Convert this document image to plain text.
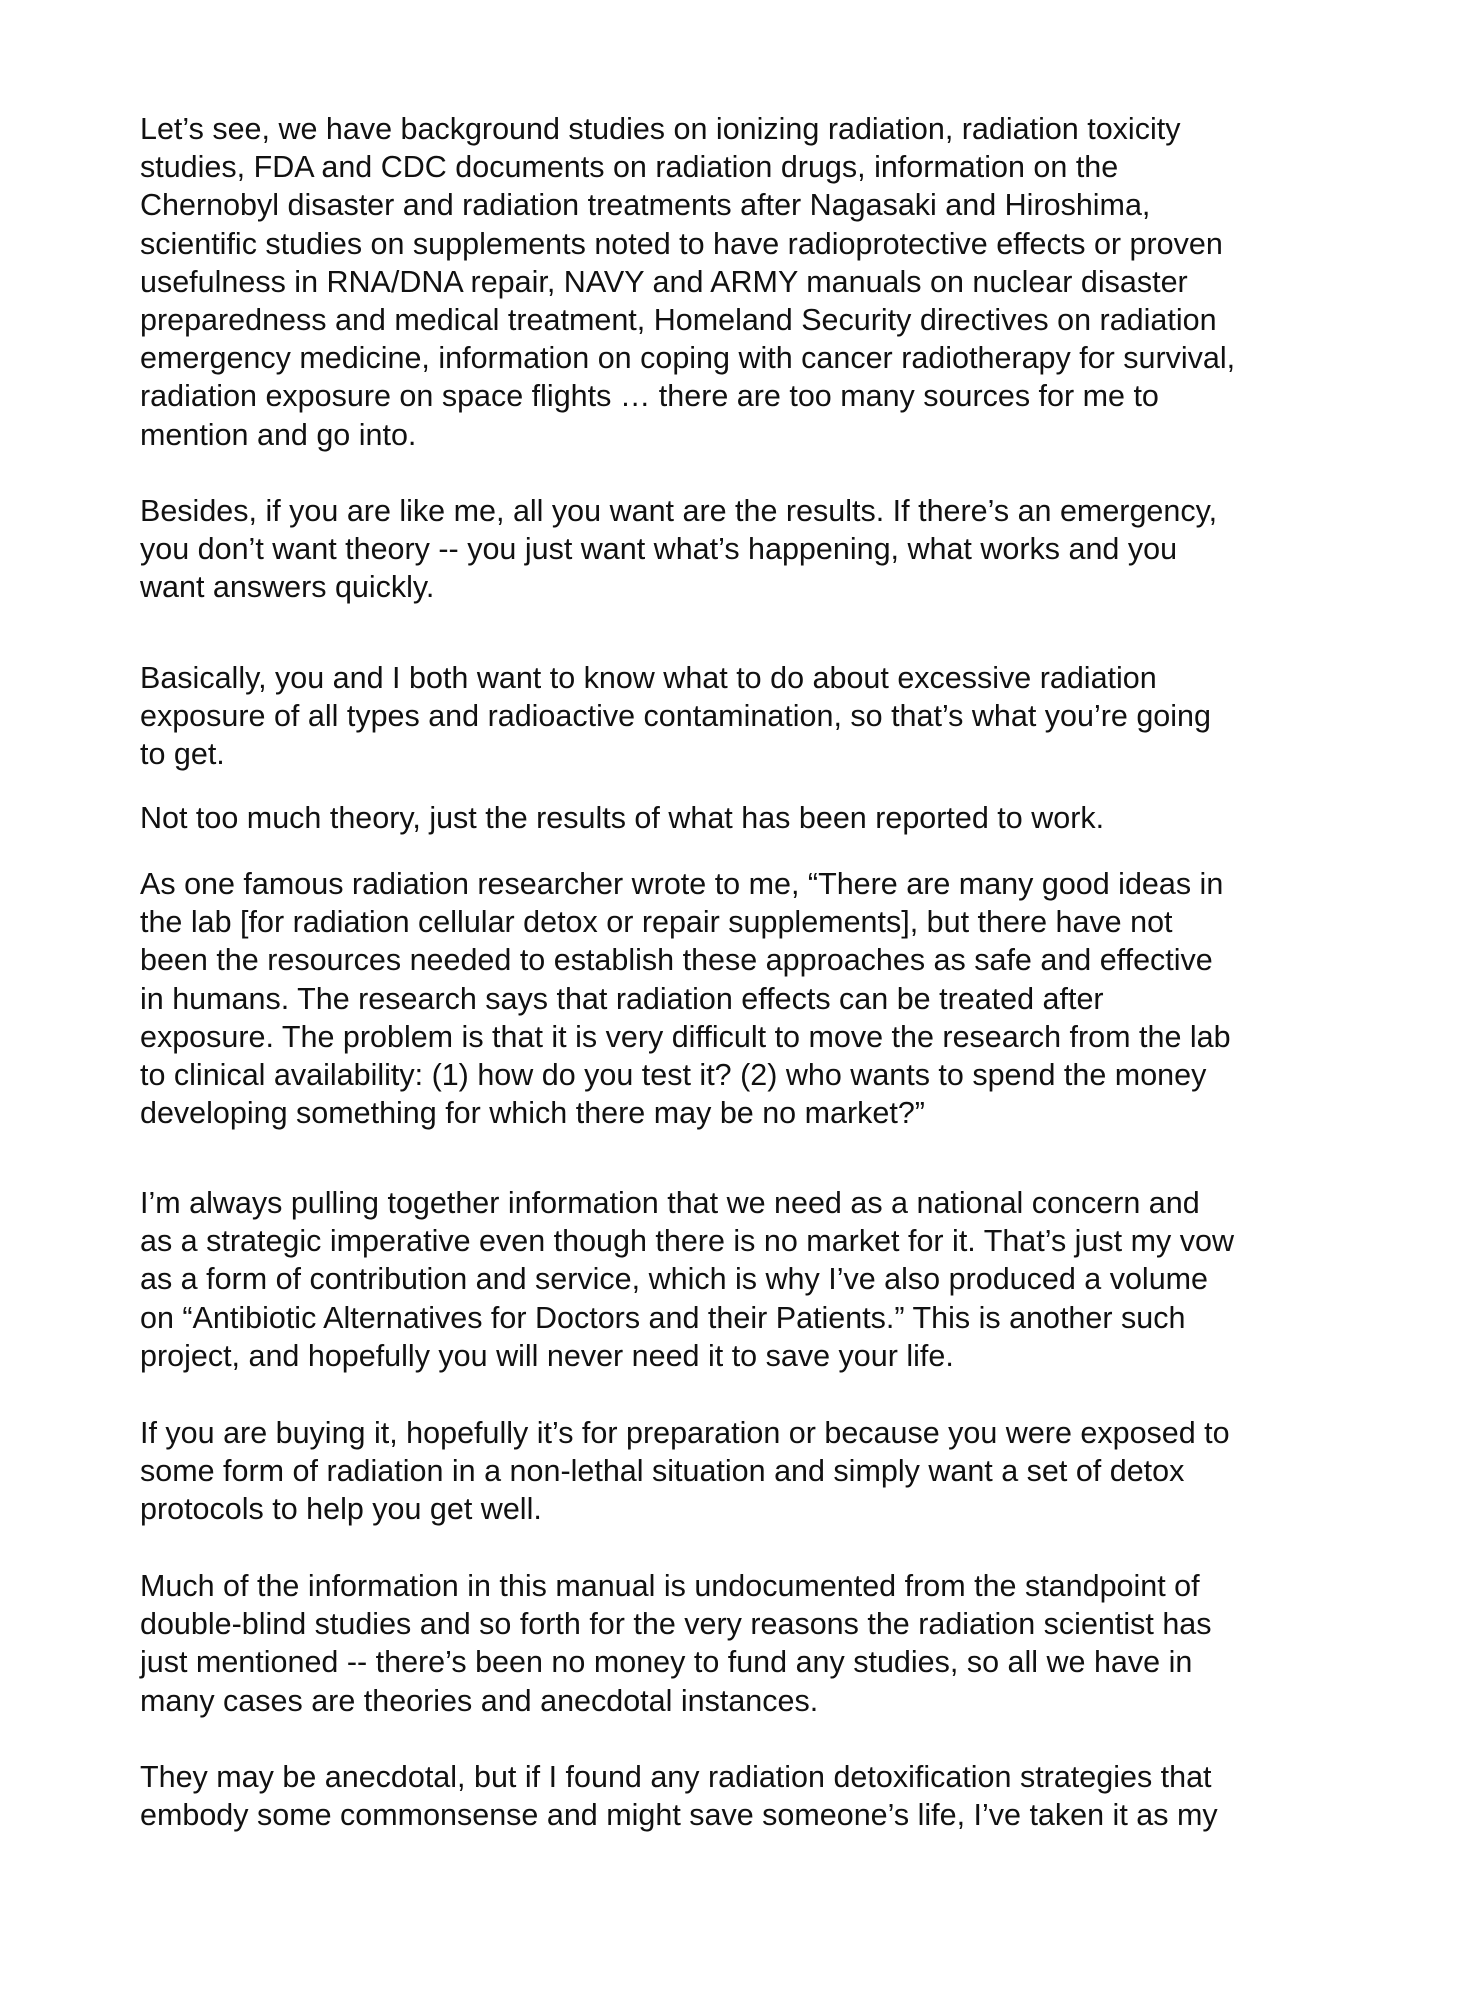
Let’s see, we have background studies on ionizing radiation, radiation toxicity
studies, FDA and CDC documents on radiation drugs, information on the
Chernobyl disaster and radiation treatments after Nagasaki and Hiroshima,
scientific studies on supplements noted to have radioprotective effects or proven
usefulness in RNA/DNA repair, NAVY and ARMY manuals on nuclear disaster
preparedness and medical treatment, Homeland Security directives on radiation
emergency medicine, information on coping with cancer radiotherapy for survival,
radiation exposure on space flights … there are too many sources for me to
mention and go into.

Besides, if you are like me, all you want are the results. If there’s an emergency,
you don’t want theory -- you just want what’s happening, what works and you
want answers quickly.

Basically, you and I both want to know what to do about excessive radiation
exposure of all types and radioactive contamination, so that’s what you’re going
to get.

Not too much theory, just the results of what has been reported to work.

As one famous radiation researcher wrote to me, “There are many good ideas in
the lab [for radiation cellular detox or repair supplements], but there have not
been the resources needed to establish these approaches as safe and effective
in humans. The research says that radiation effects can be treated after
exposure. The problem is that it is very difficult to move the research from the lab
to clinical availability: (1) how do you test it? (2) who wants to spend the money
developing something for which there may be no market?”

I’m always pulling together information that we need as a national concern and
as a strategic imperative even though there is no market for it. That’s just my vow
as a form of contribution and service, which is why I’ve also produced a volume
on “Antibiotic Alternatives for Doctors and their Patients.” This is another such
project, and hopefully you will never need it to save your life.

If you are buying it, hopefully it’s for preparation or because you were exposed to
some form of radiation in a non-lethal situation and simply want a set of detox
protocols to help you get well.

Much of the information in this manual is undocumented from the standpoint of
double-blind studies and so forth for the very reasons the radiation scientist has
just mentioned -- there’s been no money to fund any studies, so all we have in
many cases are theories and anecdotal instances.

They may be anecdotal, but if I found any radiation detoxification strategies that
embody some commonsense and might save someone’s life, I’ve taken it as my
